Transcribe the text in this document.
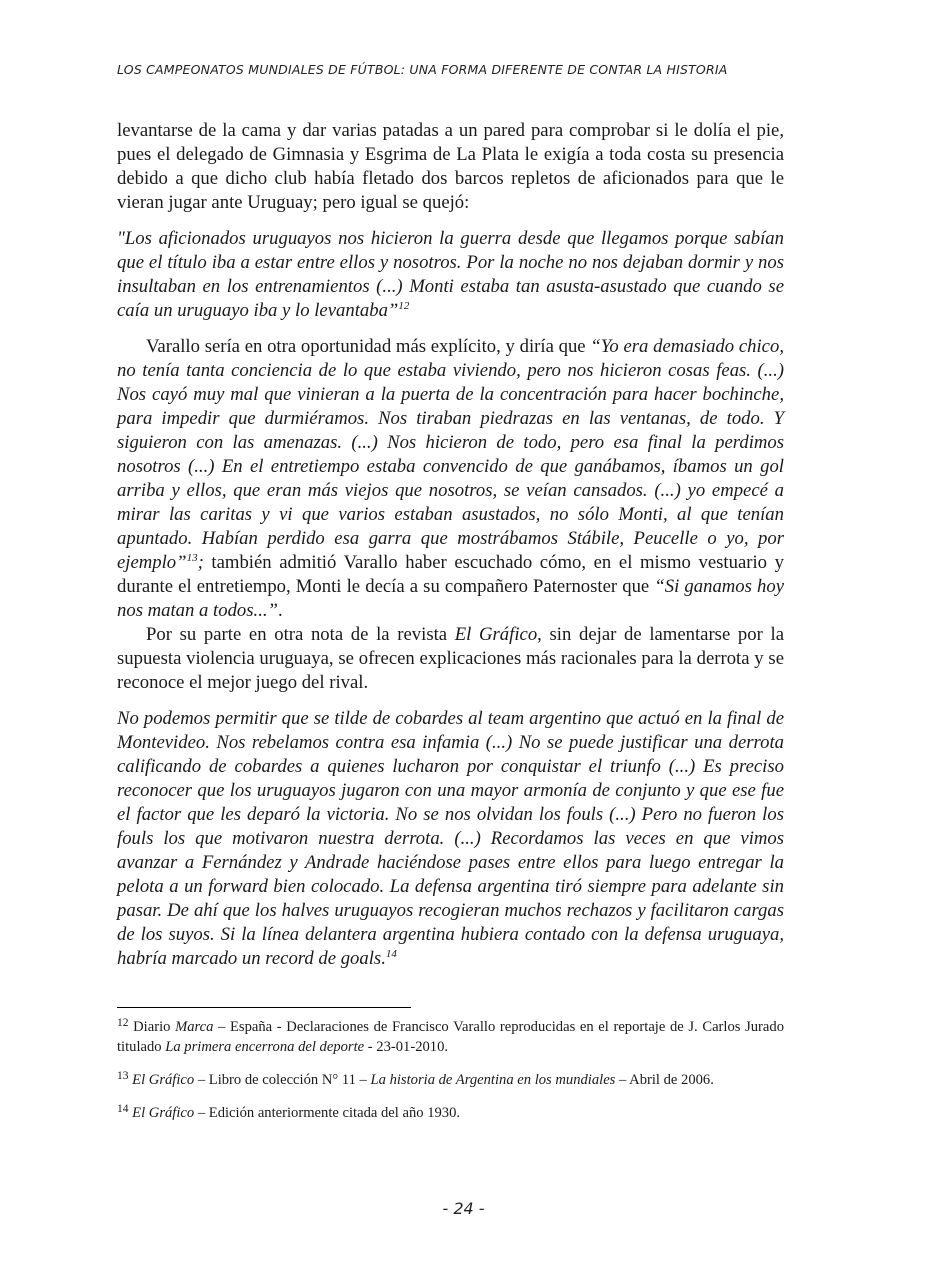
LOS CAMPEONATOS MUNDIALES DE FÚTBOL: UNA FORMA DIFERENTE DE CONTAR LA HISTORIA

levantarse de la cama y dar varias patadas a un pared para comprobar si le dolía el pie, pues el delegado de Gimnasia y Esgrima de La Plata le exigía a toda costa su presencia debido a que dicho club había fletado dos barcos repletos de aficionados para que le vieran jugar ante Uruguay; pero igual se quejó:

"Los aficionados uruguayos nos hicieron la guerra desde que llegamos porque sabían que el título iba a estar entre ellos y nosotros. Por la noche no nos dejaban dormir y nos insultaban en los entrenamientos (...) Monti estaba tan asusta-asustado que cuando se caía un uruguayo iba y lo levantaba”$^{12}$

Varallo sería en otra oportunidad más explícito, y diría que “Yo era demasiado chico, no tenía tanta conciencia de lo que estaba viviendo, pero nos hicieron cosas feas. (...) Nos cayó muy mal que vinieran a la puerta de la concentración para hacer bochinche, para impedir que durmiéramos. Nos tiraban piedrazas en las ventanas, de todo. Y siguieron con las amenazas. (...) Nos hicieron de todo, pero esa final la perdimos nosotros (...) En el entretiempo estaba convencido de que ganábamos, íbamos un gol arriba y ellos, que eran más viejos que nosotros, se veían cansados. (...) yo empecé a mirar las caritas y vi que varios estaban asustados, no sólo Monti, al que tenían apuntado. Habían perdido esa garra que mostrábamos Stábile, Peucelle o yo, por ejemplo”$^{13}$; también admitió Varallo haber escuchado cómo, en el mismo vestuario y durante el entretiempo, Monti le decía a su compañero Paternoster que “Si ganamos hoy nos matan a todos...”.

Por su parte en otra nota de la revista El Gráfico, sin dejar de lamentarse por la supuesta violencia uruguaya, se ofrecen explicaciones más racionales para la derrota y se reconoce el mejor juego del rival.

No podemos permitir que se tilde de cobardes al team argentino que actuó en la final de Montevideo. Nos rebelamos contra esa infamia (...) No se puede justificar una derrota calificando de cobardes a quienes lucharon por conquistar el triunfo (...) Es preciso reconocer que los uruguayos jugaron con una mayor armonía de conjunto y que ese fue el factor que les deparó la victoria. No se nos olvidan los fouls (...) Pero no fueron los fouls los que motivaron nuestra derrota. (...) Recordamos las veces en que vimos avanzar a Fernández y Andrade haciéndose pases entre ellos para luego entregar la pelota a un forward bien colocado. La defensa argentina tiró siempre para adelante sin pasar. De ahí que los halves uruguayos recogieran muchos rechazos y facilitaron cargas de los suyos. Si la línea delantera argentina hubiera contado con la defensa uruguaya, habría marcado un record de goals.$^{14}$

$^{12}$ Diario Marca – España - Declaraciones de Francisco Varallo reproducidas en el reportaje de J. Carlos Jurado titulado La primera encerrona del deporte - 23-01-2010.

$^{13}$ El Gráfico – Libro de colección N° 11 – La historia de Argentina en los mundiales – Abril de 2006.

$^{14}$ El Gráfico – Edición anteriormente citada del año 1930.

- 24 -
